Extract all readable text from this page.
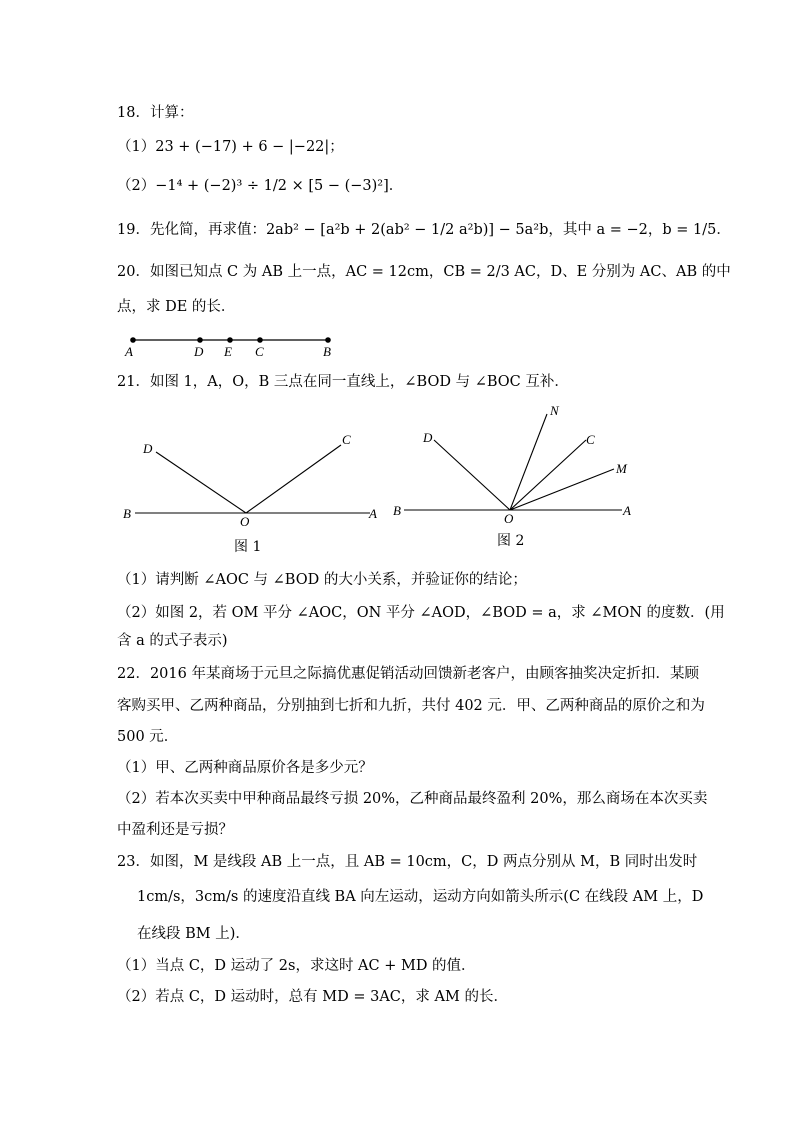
18．计算：
（1）23 + (−17) + 6 − |−22|；
（2）−1⁴ + (−2)³ ÷ 1/2 × [5 − (−3)²]．
19．先化简，再求值：2ab² − [a²b + 2(ab² − 1/2 a²b)] − 5a²b，其中 a = −2，b = 1/5．
20．如图已知点 C 为 AB 上一点，AC = 12cm，CB = 2/3 AC，D、E 分别为 AC、AB 的中
点，求 DE 的长．
A	D E C	B
21．如图 1，A，O，B 三点在同一直线上，∠BOD 与 ∠BOC 互补．
D
C
B
O
A
图 1
N
D	C
M
B
O
A
图 2
（1）请判断 ∠AOC 与 ∠BOD 的大小关系，并验证你的结论；
（2）如图 2，若 OM 平分 ∠AOC，ON 平分 ∠AOD，∠BOD = a，求 ∠MON 的度数．(用
含 a 的式子表示)
22．2016 年某商场于元旦之际搞优惠促销活动回馈新老客户，由顾客抽奖决定折扣．某顾
客购买甲、乙两种商品，分别抽到七折和九折，共付 402 元．甲、乙两种商品的原价之和为
500 元．
（1）甲、乙两种商品原价各是多少元？
（2）若本次买卖中甲种商品最终亏损 20%，乙种商品最终盈利 20%，那么商场在本次买卖
中盈利还是亏损？
23．如图，M 是线段 AB 上一点，且 AB = 10cm，C，D 两点分别从 M，B 同时出发时
1cm/s，3cm/s 的速度沿直线 BA 向左运动，运动方向如箭头所示(C 在线段 AM 上，D
在线段 BM 上)．
（1）当点 C，D 运动了 2s，求这时 AC + MD 的值．
（2）若点 C，D 运动时，总有 MD = 3AC，求 AM 的长．
